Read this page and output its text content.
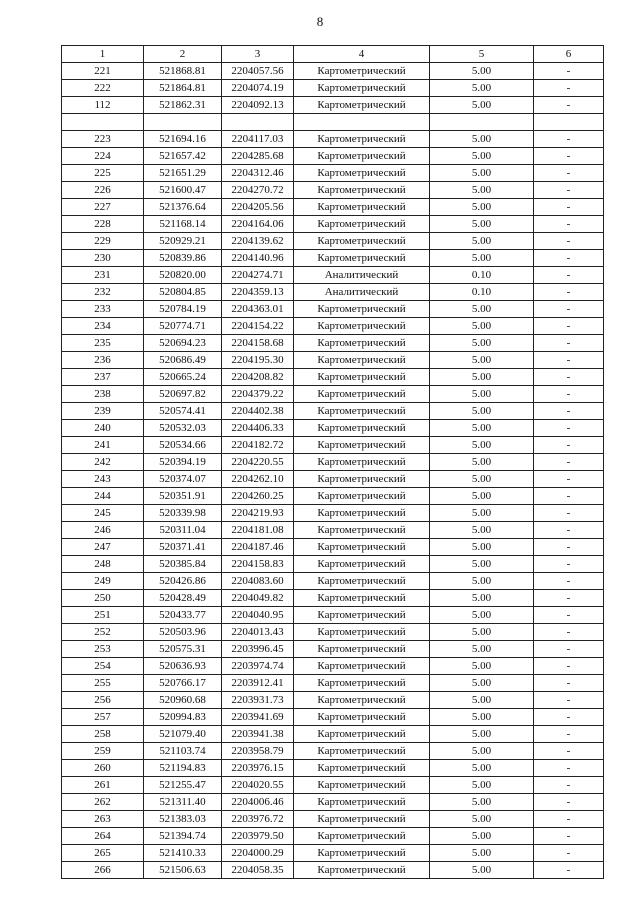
8
1	2	3	4	5	6
221	521868.81	2204057.56	Картометрический	5.00	-
222	521864.81	2204074.19	Картометрический	5.00	-
112	521862.31	2204092.13	Картометрический	5.00	-

223	521694.16	2204117.03	Картометрический	5.00	-
224	521657.42	2204285.68	Картометрический	5.00	-
225	521651.29	2204312.46	Картометрический	5.00	-
226	521600.47	2204270.72	Картометрический	5.00	-
227	521376.64	2204205.56	Картометрический	5.00	-
228	521168.14	2204164.06	Картометрический	5.00	-
229	520929.21	2204139.62	Картометрический	5.00	-
230	520839.86	2204140.96	Картометрический	5.00	-
231	520820.00	2204274.71	Аналитический	0.10	-
232	520804.85	2204359.13	Аналитический	0.10	-
233	520784.19	2204363.01	Картометрический	5.00	-
234	520774.71	2204154.22	Картометрический	5.00	-
235	520694.23	2204158.68	Картометрический	5.00	-
236	520686.49	2204195.30	Картометрический	5.00	-
237	520665.24	2204208.82	Картометрический	5.00	-
238	520697.82	2204379.22	Картометрический	5.00	-
239	520574.41	2204402.38	Картометрический	5.00	-
240	520532.03	2204406.33	Картометрический	5.00	-
241	520534.66	2204182.72	Картометрический	5.00	-
242	520394.19	2204220.55	Картометрический	5.00	-
243	520374.07	2204262.10	Картометрический	5.00	-
244	520351.91	2204260.25	Картометрический	5.00	-
245	520339.98	2204219.93	Картометрический	5.00	-
246	520311.04	2204181.08	Картометрический	5.00	-
247	520371.41	2204187.46	Картометрический	5.00	-
248	520385.84	2204158.83	Картометрический	5.00	-
249	520426.86	2204083.60	Картометрический	5.00	-
250	520428.49	2204049.82	Картометрический	5.00	-
251	520433.77	2204040.95	Картометрический	5.00	-
252	520503.96	2204013.43	Картометрический	5.00	-
253	520575.31	2203996.45	Картометрический	5.00	-
254	520636.93	2203974.74	Картометрический	5.00	-
255	520766.17	2203912.41	Картометрический	5.00	-
256	520960.68	2203931.73	Картометрический	5.00	-
257	520994.83	2203941.69	Картометрический	5.00	-
258	521079.40	2203941.38	Картометрический	5.00	-
259	521103.74	2203958.79	Картометрический	5.00	-
260	521194.83	2203976.15	Картометрический	5.00	-
261	521255.47	2204020.55	Картометрический	5.00	-
262	521311.40	2204006.46	Картометрический	5.00	-
263	521383.03	2203976.72	Картометрический	5.00	-
264	521394.74	2203979.50	Картометрический	5.00	-
265	521410.33	2204000.29	Картометрический	5.00	-
266	521506.63	2204058.35	Картометрический	5.00	-
